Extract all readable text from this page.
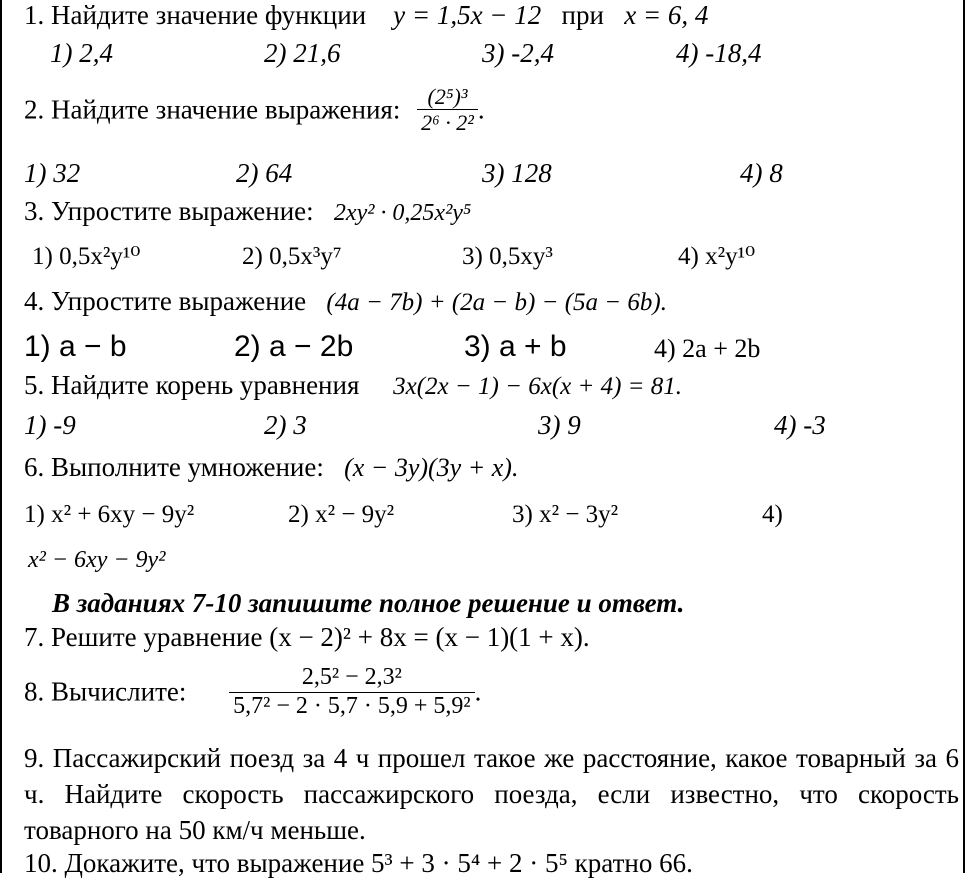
1. Найдите значение функции y = 1,5x − 12 при x = 6, 4
1) 2,4	2) 21,6	3) -2,4	4) -18,4
2. Найдите значение выражения: $\frac{\text{(2⁵)³}}{\text{2⁶ · 2²}}$ .
1) 32	2) 64	3) 128	4) 8
3. Упростите выражение: 2xy² · 0,25x²y⁵
1) 0,5x²y¹⁰	2) 0,5x³y⁷	3) 0,5xy³	4) x²y¹⁰
4. Упростите выражение (4a − 7b) + (2a − b) − (5a − 6b).
1) a − b	2) a − 2b	3) a + b	4) 2a + 2b
5. Найдите корень уравнения 3x(2x − 1) − 6x(x + 4) = 81.
1) -9	2) 3	3) 9	4) -3
6. Выполните умножение: (x − 3y)(3y + x).
1) x² + 6xy − 9y²	2) x² − 9y²	3) x² − 3y²	4)
x² − 6xy − 9y²
В заданиях 7-10 запишите полное решение и ответ.
7. Решите уравнение (x − 2)² + 8x = (x − 1)(1 + x).
8. Вычислите: $\frac{\text{2,5² − 2,3²}}{\text{5,7² − 2 · 5,7 · 5,9 + 5,9²}}$ .
9. Пассажирский поезд за 4 ч прошел такое же расстояние, какое товарный за 6 ч. Найдите скорость пассажирского поезда, если известно, что скорость товарного на 50 км/ч меньше.
10. Докажите, что выражение 5³ + 3 · 5⁴ + 2 · 5⁵ кратно 66.
